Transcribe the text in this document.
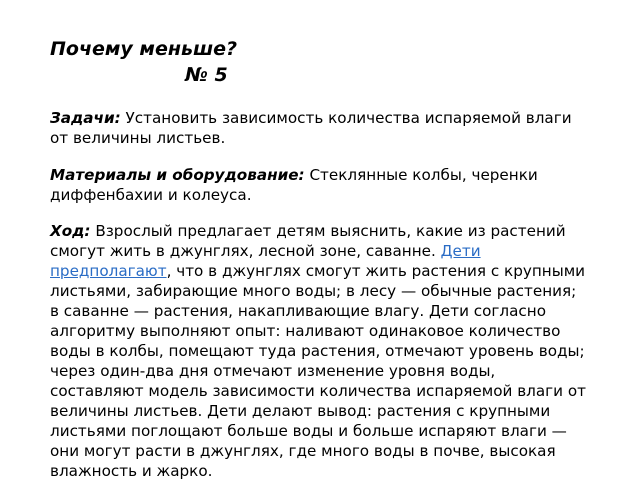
Почему меньше?

№ 5

Задачи: Установить зависимость количества испаряемой влаги от величины листьев.

Материалы и оборудование: Стеклянные колбы, черенки диффенбахии и колеуса.

Ход: Взрослый предлагает детям выяснить, какие из растений смогут жить в джунглях, лесной зоне, саванне. Дети предполагают, что в джунглях смогут жить растения с крупными листьями, забирающие много воды; в лесу — обычные растения; в саванне — растения, накапливающие влагу. Дети согласно алгоритму выполняют опыт: наливают одинаковое количество воды в колбы, помещают туда растения, отмечают уровень воды; через один-два дня отмечают изменение уровня воды, составляют модель зависимости количества испаряемой влаги от величины листьев. Дети делают вывод: растения с крупными листьями поглощают больше воды и больше испаряют влаги — они могут расти в джунглях, где много воды в почве, высокая влажность и жарко.
